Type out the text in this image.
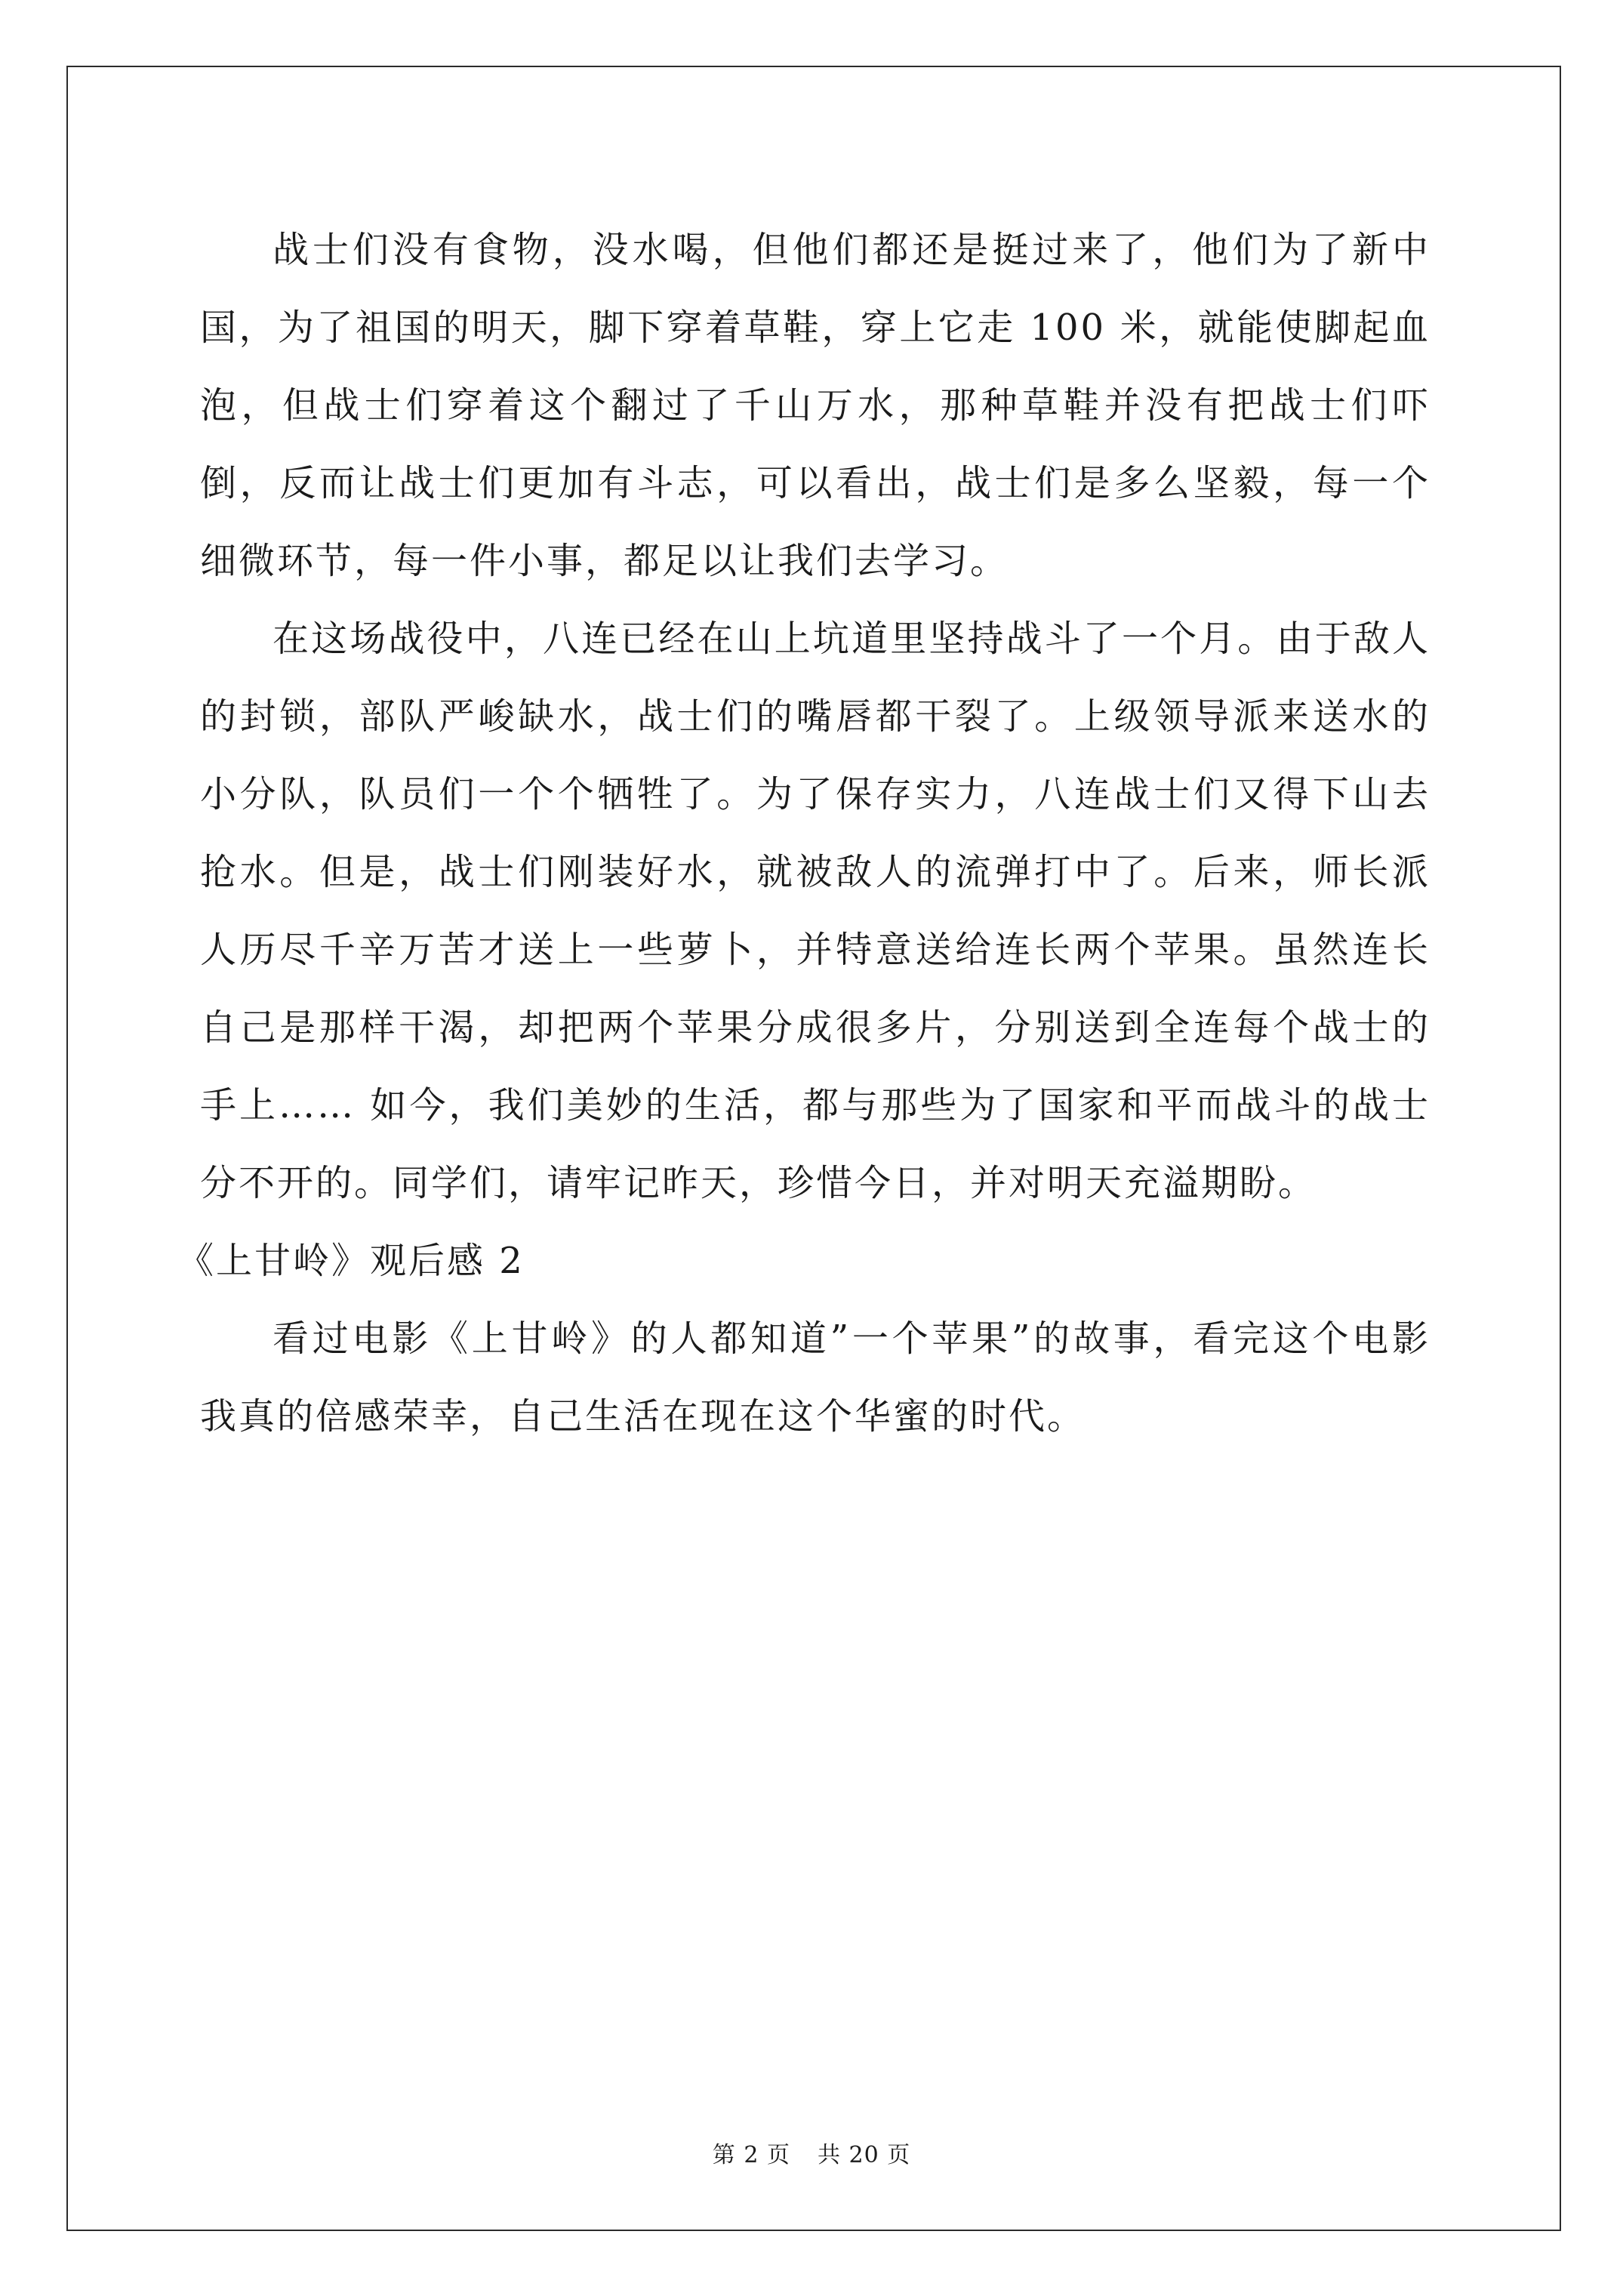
战士们没有食物，没水喝，但他们都还是挺过来了，他们为了新中国，为了祖国的明天，脚下穿着草鞋，穿上它走 100 米，就能使脚起血泡，但战士们穿着这个翻过了千山万水，那种草鞋并没有把战士们吓倒，反而让战士们更加有斗志，可以看出，战士们是多么坚毅，每一个细微环节，每一件小事，都足以让我们去学习。

在这场战役中，八连已经在山上坑道里坚持战斗了一个月。由于敌人的封锁，部队严峻缺水，战士们的嘴唇都干裂了。上级领导派来送水的小分队，队员们一个个牺牲了。为了保存实力，八连战士们又得下山去抢水。但是，战士们刚装好水，就被敌人的流弹打中了。后来，师长派人历尽千辛万苦才送上一些萝卜，并特意送给连长两个苹果。虽然连长自己是那样干渴，却把两个苹果分成很多片，分别送到全连每个战士的手上…… 如今，我们美妙的生活，都与那些为了国家和平而战斗的战士分不开的。同学们，请牢记昨天，珍惜今日，并对明天充溢期盼。

《上甘岭》观后感 2

看过电影《上甘岭》的人都知道”一个苹果”的故事，看完这个电影我真的倍感荣幸，自己生活在现在这个华蜜的时代。

第 2 页 共 20 页
